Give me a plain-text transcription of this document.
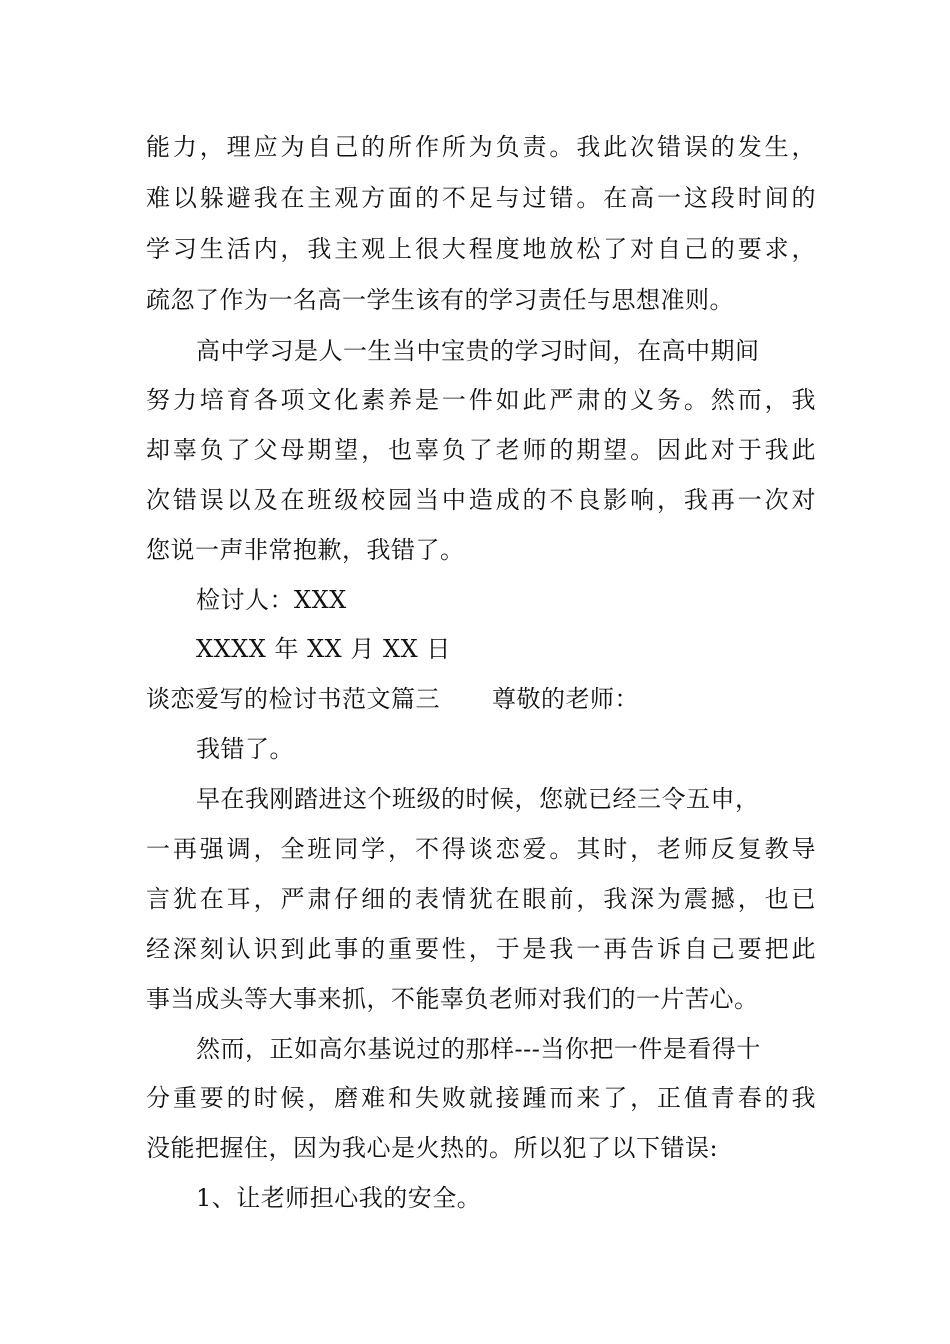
能力，理应为自己的所作所为负责。我此次错误的发生，
难以躲避我在主观方面的不足与过错。在高一这段时间的
学习生活内，我主观上很大程度地放松了对自己的要求，
疏忽了作为一名高一学生该有的学习责任与思想准则。
高中学习是人一生当中宝贵的学习时间，在高中期间
努力培育各项文化素养是一件如此严肃的义务。然而，我
却辜负了父母期望，也辜负了老师的期望。因此对于我此
次错误以及在班级校园当中造成的不良影响，我再一次对
您说一声非常抱歉，我错了。
检讨人：XXX
XXXX 年 XX 月 XX 日
谈恋爱写的检讨书范文篇三 尊敬的老师：
我错了。
早在我刚踏进这个班级的时候，您就已经三令五申，
一再强调，全班同学，不得谈恋爱。其时，老师反复教导
言犹在耳，严肃仔细的表情犹在眼前，我深为震撼，也已
经深刻认识到此事的重要性，于是我一再告诉自己要把此
事当成头等大事来抓，不能辜负老师对我们的一片苦心。
然而，正如高尔基说过的那样---当你把一件是看得十
分重要的时候，磨难和失败就接踵而来了，正值青春的我
没能把握住，因为我心是火热的。所以犯了以下错误:
1、让老师担心我的安全。
